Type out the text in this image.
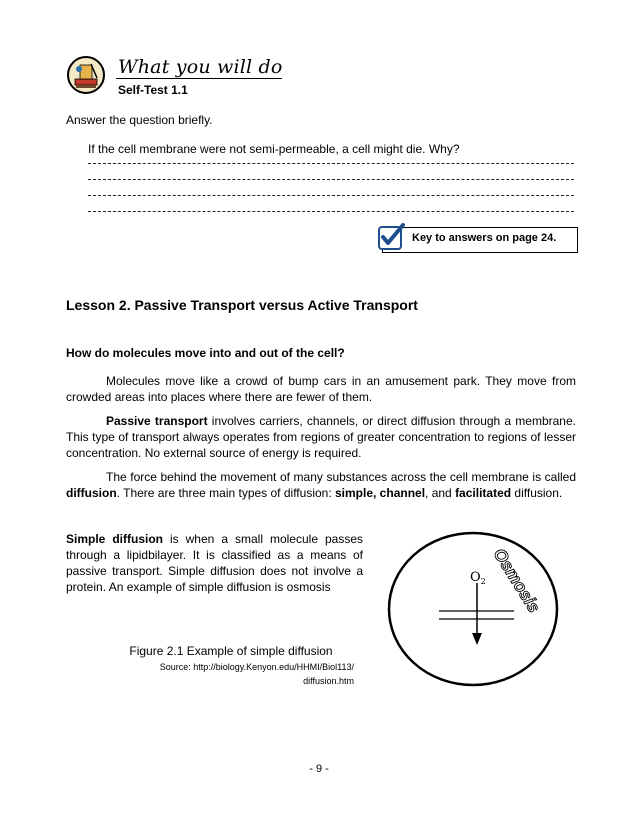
What you will do
Self-Test 1.1
Answer the question briefly.
If the cell membrane were not semi-permeable, a cell might die. Why?
Key to answers on page 24.
Lesson 2. Passive Transport versus Active Transport
How do molecules move into and out of the cell?

Molecules move like a crowd of bump cars in an amusement park. They move from crowded areas into places where there are fewer of them.

Passive transport involves carriers, channels, or direct diffusion through a membrane. This type of transport always operates from regions of greater concentration to regions of lesser concentration. No external source of energy is required.

The force behind the movement of many substances across the cell membrane is called diffusion. There are three main types of diffusion: simple, channel, and facilitated diffusion.

Simple diffusion is when a small molecule passes through a lipidbilayer. It is classified as a means of passive transport. Simple diffusion does not involve a protein. An example of simple diffusion is osmosis
$O_2$ Osmosis
Figure 2.1 Example of simple diffusion
Source: http://biology.Kenyon.edu/HHMI/Biol113/
diffusion.htm
- 9 -
